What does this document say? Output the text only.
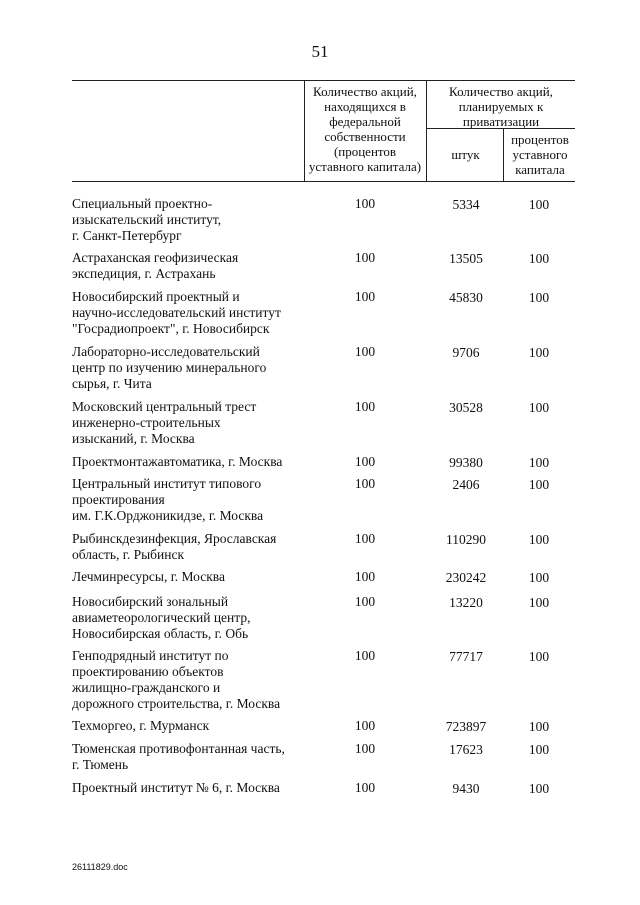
51
Количество акций, находящихся в федеральной собственности (процентов уставного капитала)
Количество акций, планируемых к приватизации
штук
процентов уставного капитала
Специальный проектно-
изыскательский институт,
г. Санкт-Петербург
100	5334	100
Астраханская геофизическая
экспедиция, г. Астрахань
100	13505	100
Новосибирский проектный и
научно-исследовательский институт
"Госрадиопроект", г. Новосибирск
100	45830	100
Лабораторно-исследовательский
центр по изучению минерального
сырья, г. Чита
100	9706	100
Московский центральный трест
инженерно-строительных
изысканий, г. Москва
100	30528	100
Проектмонтажавтоматика, г. Москва	100	99380	100
Центральный институт типового
проектирования
им. Г.К.Орджоникидзе, г. Москва
100	2406	100
Рыбинскдезинфекция, Ярославская
область, г. Рыбинск
100	110290	100
Лечминресурсы, г. Москва	100	230242	100
Новосибирский зональный
авиаметеорологический центр,
Новосибирская область, г. Обь
100	13220	100
Генподрядный институт по
проектированию объектов
жилищно-гражданского и
дорожного строительства, г. Москва
100	77717	100
Техморгео, г. Мурманск	100	723897	100
Тюменская противофонтанная часть,
г. Тюмень
100	17623	100
Проектный институт № 6, г. Москва	100	9430	100
26111829.doc
